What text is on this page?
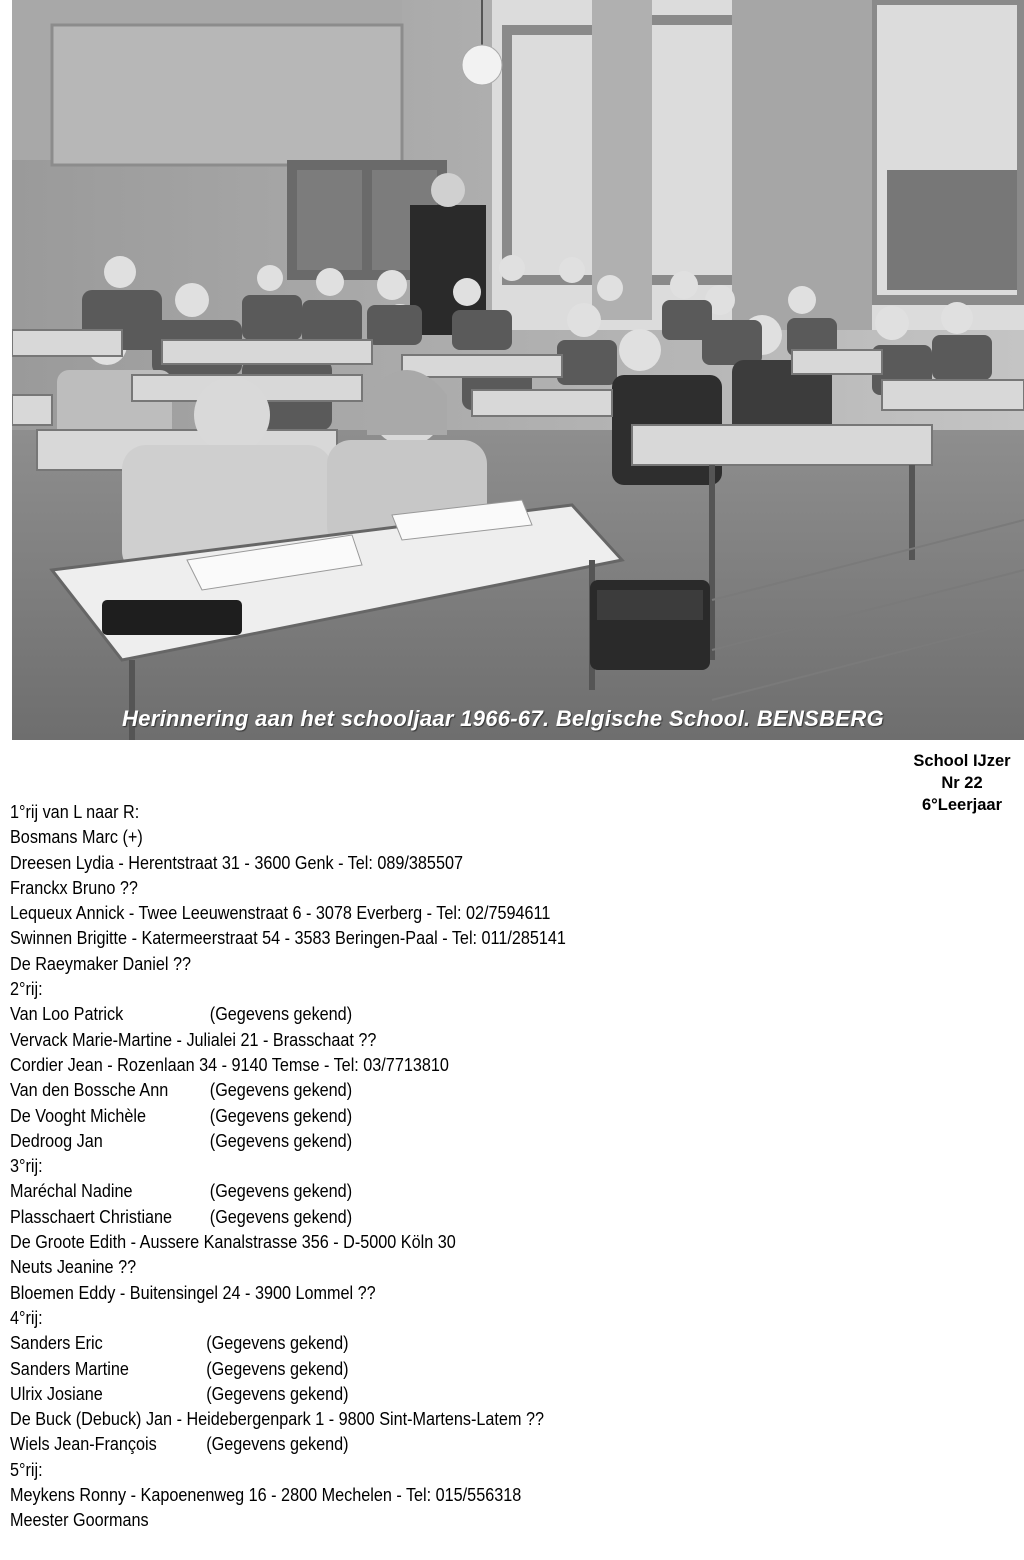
Herinnering aan het schooljaar 1966-67. Belgische School. BENSBERG
School IJzer
Nr 22
6°Leerjaar
1°rij van L naar R:
Bosmans Marc (+)
Dreesen Lydia - Herentstraat 31 - 3600 Genk - Tel: 089/385507
Franckx Bruno ??
Lequeux Annick - Twee Leeuwenstraat 6 - 3078 Everberg - Tel: 02/7594611
Swinnen Brigitte - Katermeerstraat 54 - 3583 Beringen-Paal - Tel: 011/285141
De Raeymaker Daniel ??
2°rij:
Van Loo Patrick	(Gegevens gekend)
Vervack Marie-Martine - Julialei 21 - Brasschaat ??
Cordier Jean - Rozenlaan 34 - 9140 Temse - Tel: 03/7713810
Van den Bossche Ann (Gegevens gekend)
De Vooght Michèle	(Gegevens gekend)
Dedroog Jan	(Gegevens gekend)
3°rij:
Maréchal Nadine	(Gegevens gekend)
Plasschaert Christiane (Gegevens gekend)
De Groote Edith - Aussere Kanalstrasse 356 - D-5000 Köln 30
Neuts Jeanine ??
Bloemen Eddy - Buitensingel 24 - 3900 Lommel ??
4°rij:
Sanders Eric	(Gegevens gekend)
Sanders Martine	(Gegevens gekend)
Ulrix Josiane	(Gegevens gekend)
De Buck (Debuck) Jan - Heidebergenpark 1 - 9800 Sint-Martens-Latem ??
Wiels Jean-François	(Gegevens gekend)
5°rij:
Meykens Ronny - Kapoenenweg 16 - 2800 Mechelen - Tel: 015/556318
Meester Goormans
